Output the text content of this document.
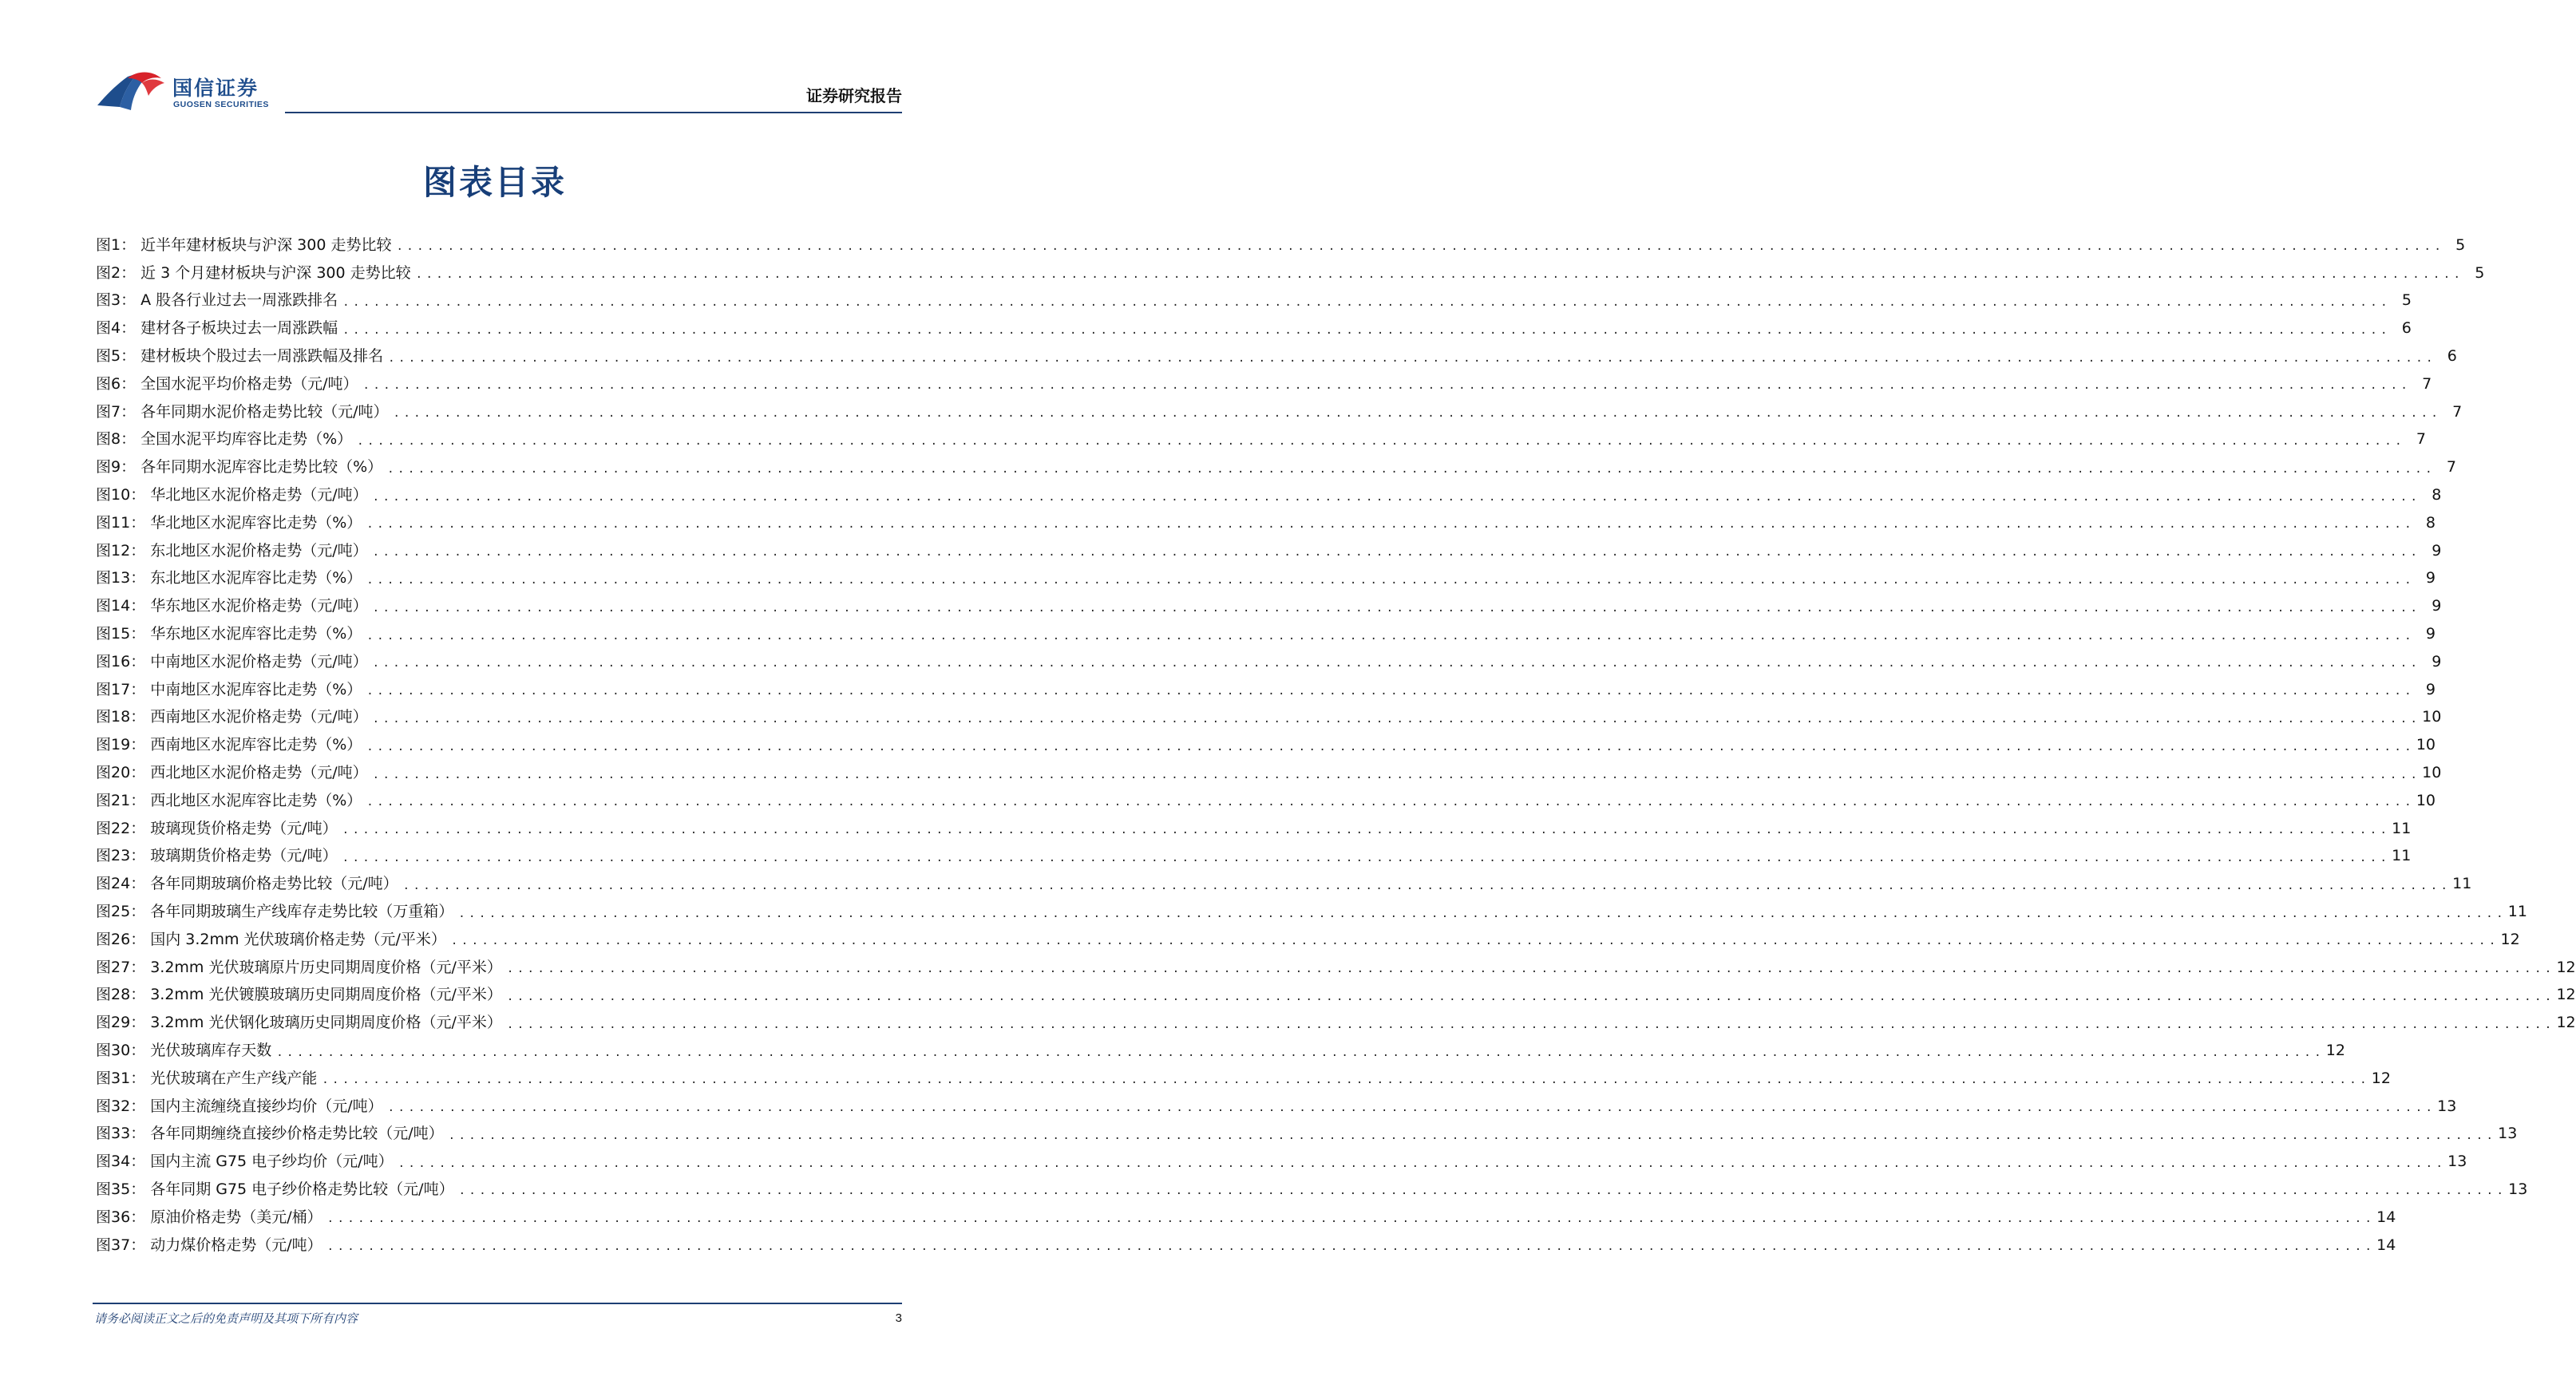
国信证券
GUOSEN SECURITIES	证券研究报告
图表目录
图1 ： 近半年建材板块与沪深 300 走势比较 ........................................................................................................................................................................................................ 5
图2 ： 近 3 个月建材板块与沪深 300 走势比较 ........................................................................................................................................................................................................ 5
图3 ： A 股各行业过去一周涨跌排名 ........................................................................................................................................................................................................ 5
图4 ： 建材各子板块过去一周涨跌幅 ........................................................................................................................................................................................................ 6
图5 ： 建材板块个股过去一周涨跌幅及排名 ........................................................................................................................................................................................................ 6
图6 ： 全国水泥平均价格走势（元/吨） ........................................................................................................................................................................................................ 7
图7 ： 各年同期水泥价格走势比较（元/吨） ........................................................................................................................................................................................................ 7
图8 ： 全国水泥平均库容比走势（%） ........................................................................................................................................................................................................ 7
图9 ： 各年同期水泥库容比走势比较（%） ........................................................................................................................................................................................................ 7
图10 ： 华北地区水泥价格走势（元/吨） ........................................................................................................................................................................................................ 8
图11 ： 华北地区水泥库容比走势（%） ........................................................................................................................................................................................................ 8
图12 ： 东北地区水泥价格走势（元/吨） ........................................................................................................................................................................................................ 9
图13 ： 东北地区水泥库容比走势（%） ........................................................................................................................................................................................................ 9
图14 ： 华东地区水泥价格走势（元/吨） ........................................................................................................................................................................................................ 9
图15 ： 华东地区水泥库容比走势（%） ........................................................................................................................................................................................................ 9
图16 ： 中南地区水泥价格走势（元/吨） ........................................................................................................................................................................................................ 9
图17 ： 中南地区水泥库容比走势（%） ........................................................................................................................................................................................................ 9
图18 ： 西南地区水泥价格走势（元/吨） ........................................................................................................................................................................................................ 10
图19 ： 西南地区水泥库容比走势（%） ........................................................................................................................................................................................................ 10
图20 ： 西北地区水泥价格走势（元/吨） ........................................................................................................................................................................................................ 10
图21 ： 西北地区水泥库容比走势（%） ........................................................................................................................................................................................................ 10
图22 ： 玻璃现货价格走势（元/吨） ........................................................................................................................................................................................................ 11
图23 ： 玻璃期货价格走势（元/吨） ........................................................................................................................................................................................................ 11
图24 ： 各年同期玻璃价格走势比较（元/吨） ........................................................................................................................................................................................................ 11
图25 ： 各年同期玻璃生产线库存走势比较（万重箱） ........................................................................................................................................................................................................ 11
图26 ： 国内 3.2mm 光伏玻璃价格走势（元/平米） ........................................................................................................................................................................................................ 12
图27 ： 3.2mm 光伏玻璃原片历史同期周度价格（元/平米） ........................................................................................................................................................................................................ 12
图28 ： 3.2mm 光伏镀膜玻璃历史同期周度价格（元/平米） ........................................................................................................................................................................................................ 12
图29 ： 3.2mm 光伏钢化玻璃历史同期周度价格（元/平米） ........................................................................................................................................................................................................ 12
图30 ： 光伏玻璃库存天数 ........................................................................................................................................................................................................ 12
图31 ： 光伏玻璃在产生产线产能 ........................................................................................................................................................................................................ 12
图32 ： 国内主流缠绕直接纱均价（元/吨） ........................................................................................................................................................................................................ 13
图33 ： 各年同期缠绕直接纱价格走势比较（元/吨） ........................................................................................................................................................................................................ 13
图34 ： 国内主流 G75 电子纱均价（元/吨） ........................................................................................................................................................................................................ 13
图35 ： 各年同期 G75 电子纱价格走势比较（元/吨） ........................................................................................................................................................................................................ 13
图36 ： 原油价格走势（美元/桶） ........................................................................................................................................................................................................ 14
图37 ： 动力煤价格走势（元/吨） ........................................................................................................................................................................................................ 14
请务必阅读正文之后的免责声明及其项下所有内容	3
